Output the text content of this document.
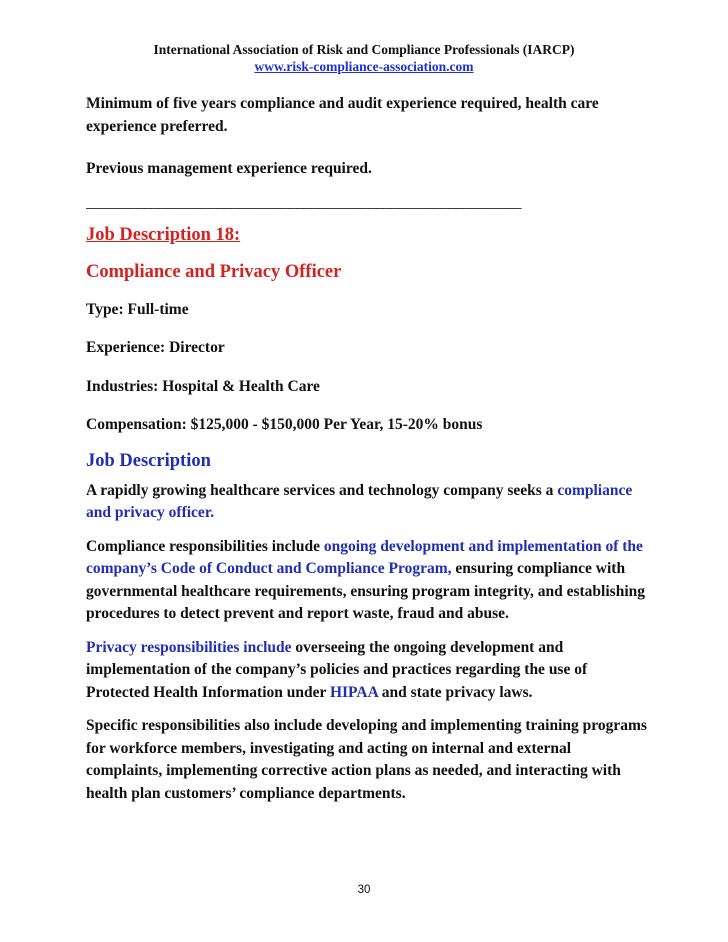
International Association of Risk and Compliance Professionals (IARCP)
www.risk-compliance-association.com

Minimum of five years compliance and audit experience required, health care experience preferred.

Previous management experience required.

____________________________________________________________

Job Description 18:

Compliance and Privacy Officer

Type: Full-time

Experience: Director

Industries: Hospital & Health Care

Compensation: $125,000 - $150,000 Per Year, 15-20% bonus

Job Description

A rapidly growing healthcare services and technology company seeks a compliance and privacy officer.

Compliance responsibilities include ongoing development and implementation of the company’s Code of Conduct and Compliance Program, ensuring compliance with governmental healthcare requirements, ensuring program integrity, and establishing procedures to detect prevent and report waste, fraud and abuse.

Privacy responsibilities include overseeing the ongoing development and implementation of the company’s policies and practices regarding the use of Protected Health Information under HIPAA and state privacy laws.

Specific responsibilities also include developing and implementing training programs for workforce members, investigating and acting on internal and external complaints, implementing corrective action plans as needed, and interacting with health plan customers’ compliance departments.

30
